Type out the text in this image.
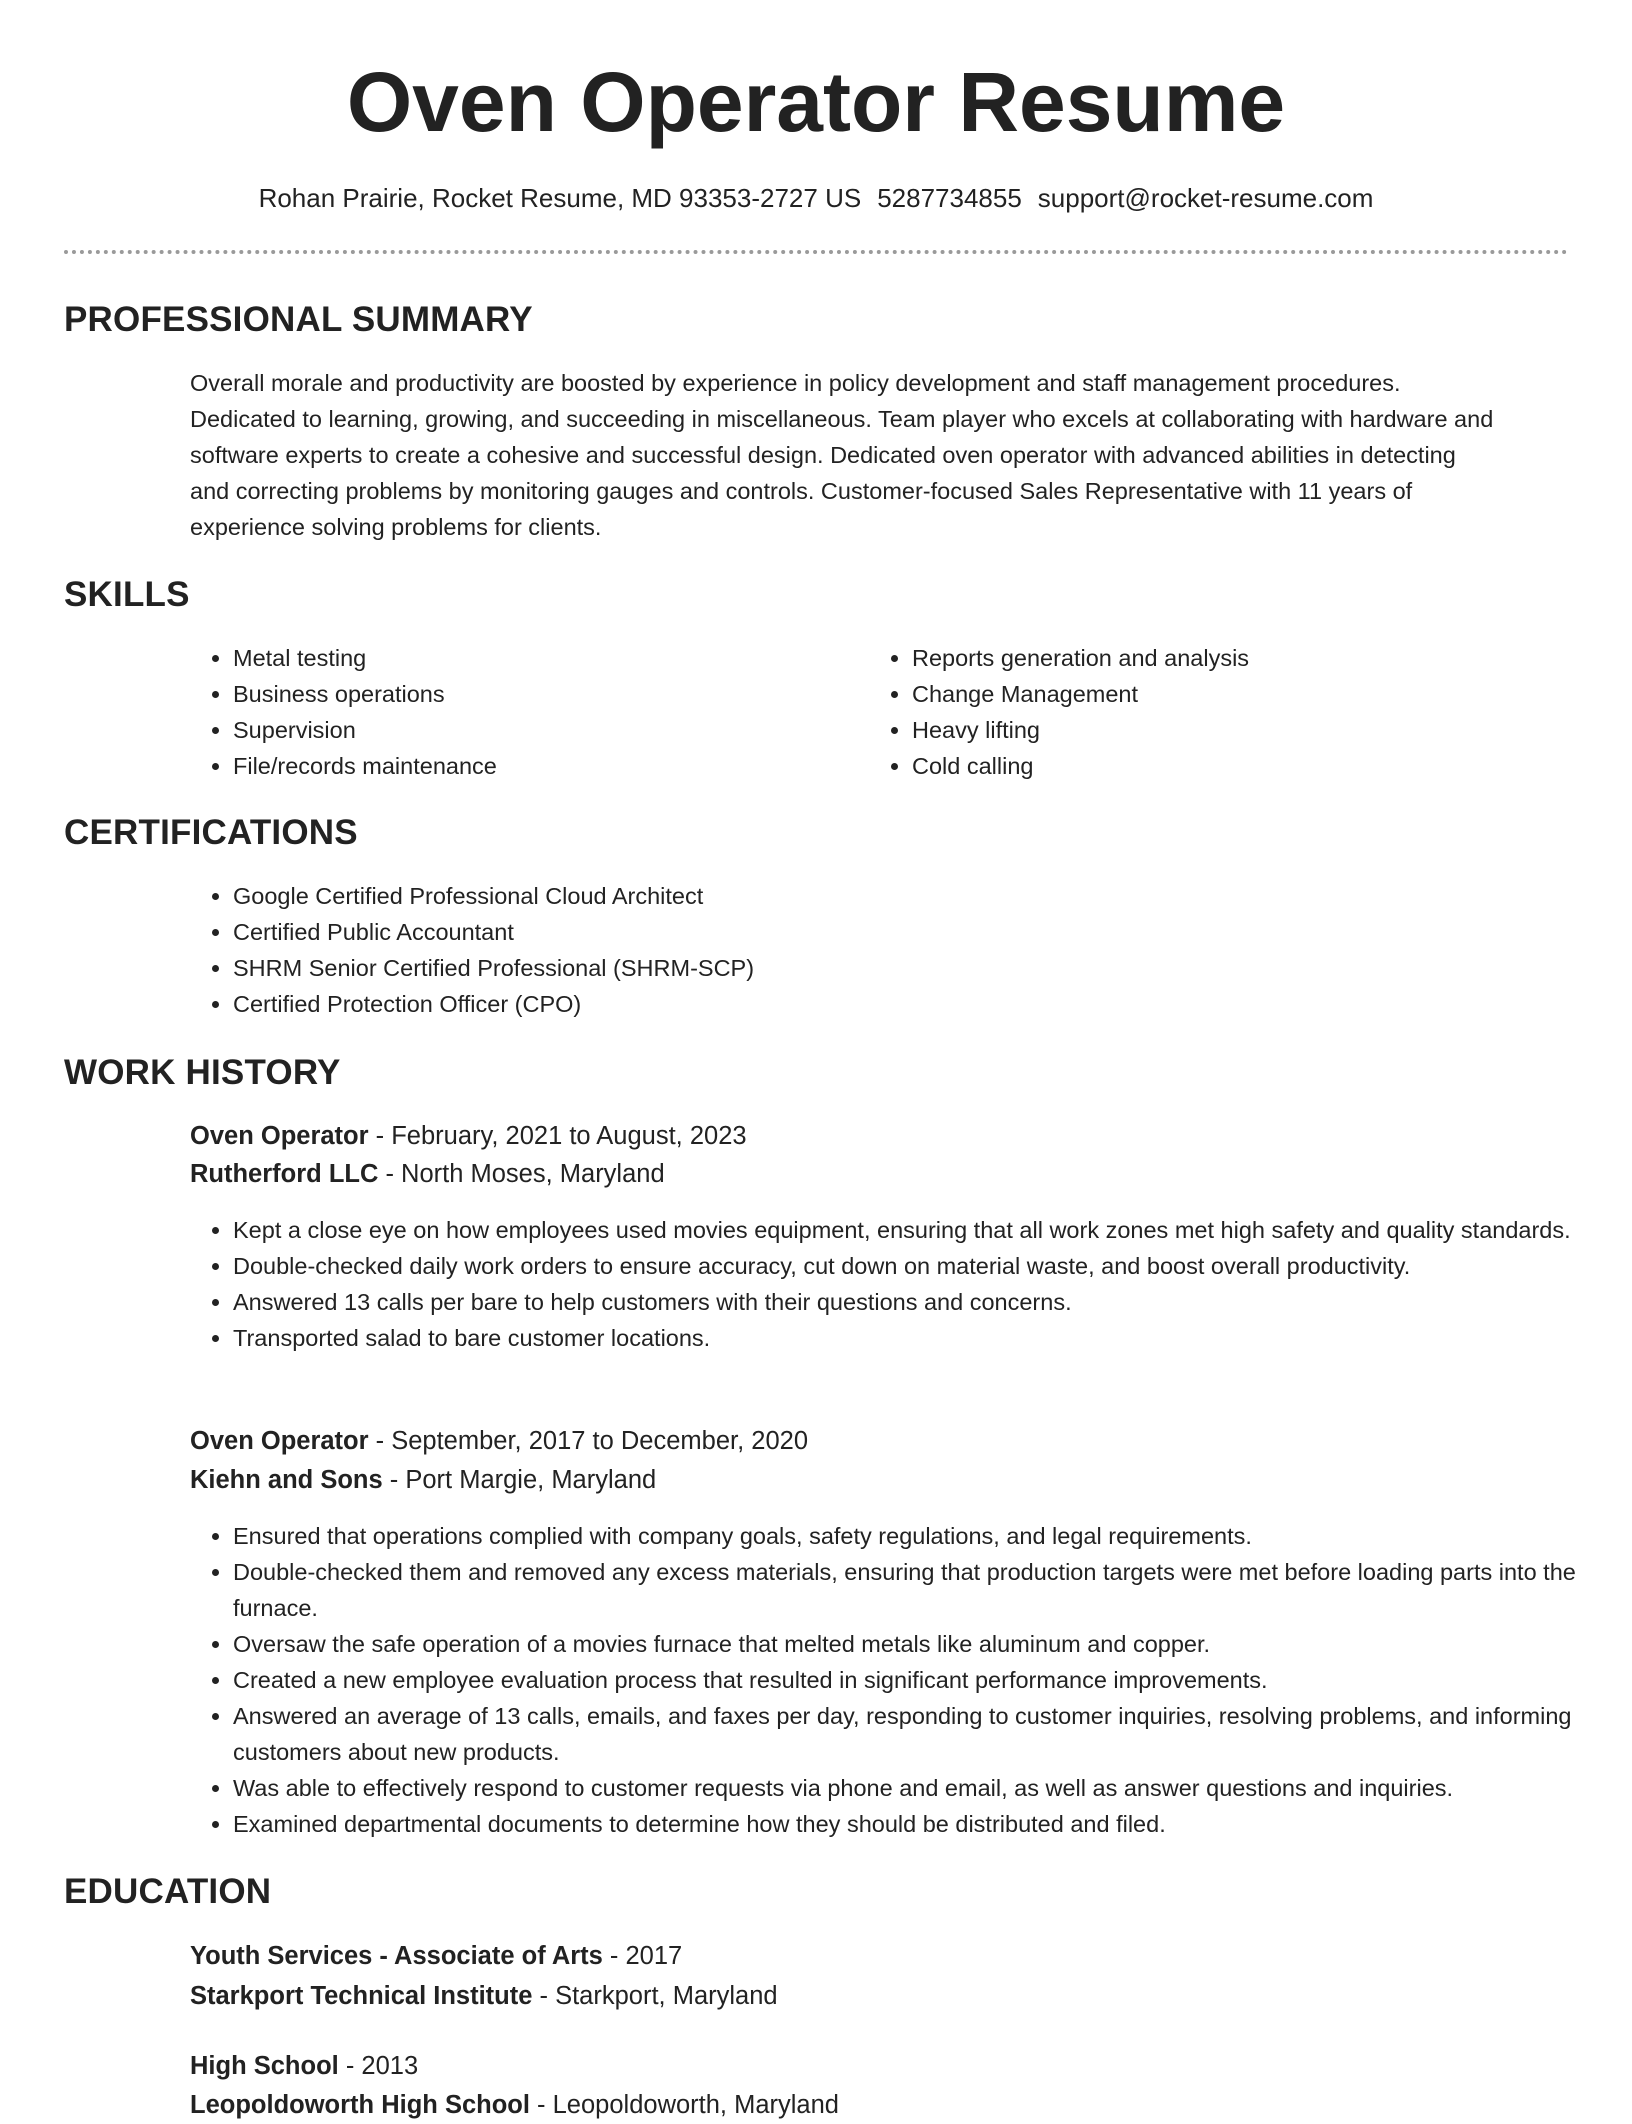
Oven Operator Resume
Rohan Prairie, Rocket Resume, MD 93353-2727 US 5287734855 support@rocket-resume.com
PROFESSIONAL SUMMARY
Overall morale and productivity are boosted by experience in policy development and staff management procedures.
Dedicated to learning, growing, and succeeding in miscellaneous. Team player who excels at collaborating with hardware and
software experts to create a cohesive and successful design. Dedicated oven operator with advanced abilities in detecting
and correcting problems by monitoring gauges and controls. Customer-focused Sales Representative with 11 years of
experience solving problems for clients.
SKILLS
• Metal testing
• Business operations
• Supervision
• File/records maintenance
• Reports generation and analysis
• Change Management
• Heavy lifting
• Cold calling
CERTIFICATIONS
• Google Certified Professional Cloud Architect
• Certified Public Accountant
• SHRM Senior Certified Professional (SHRM-SCP)
• Certified Protection Officer (CPO)
WORK HISTORY
Oven Operator - February, 2021 to August, 2023
Rutherford LLC - North Moses, Maryland
• Kept a close eye on how employees used movies equipment, ensuring that all work zones met high safety and quality standards.
• Double-checked daily work orders to ensure accuracy, cut down on material waste, and boost overall productivity.
• Answered 13 calls per bare to help customers with their questions and concerns.
• Transported salad to bare customer locations.
Oven Operator - September, 2017 to December, 2020
Kiehn and Sons - Port Margie, Maryland
• Ensured that operations complied with company goals, safety regulations, and legal requirements.
• Double-checked them and removed any excess materials, ensuring that production targets were met before loading parts into the furnace.
• Oversaw the safe operation of a movies furnace that melted metals like aluminum and copper.
• Created a new employee evaluation process that resulted in significant performance improvements.
• Answered an average of 13 calls, emails, and faxes per day, responding to customer inquiries, resolving problems, and informing customers about new products.
• Was able to effectively respond to customer requests via phone and email, as well as answer questions and inquiries.
• Examined departmental documents to determine how they should be distributed and filed.
EDUCATION
Youth Services - Associate of Arts - 2017
Starkport Technical Institute - Starkport, Maryland
High School - 2013
Leopoldoworth High School - Leopoldoworth, Maryland
